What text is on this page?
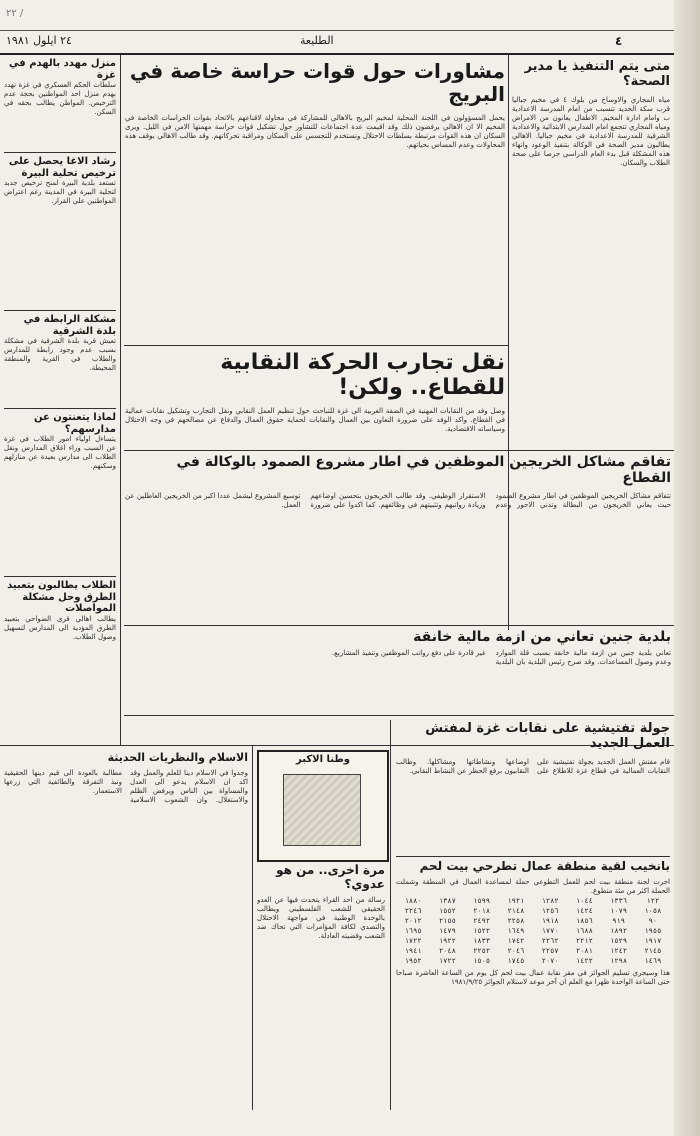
٤
الطليعة
٢٤ ايلول ١٩٨١
٢٢ /
متى يتم التنفيذ يا مدير الصحة؟
مياه المجاري والاوساخ من بلوك ٤ في مخيم جباليا قرب سكة الحديد تتسبب من امام المدرسة الاعدادية ب وامام ادارة المخيم. الاطفال يعانون من الامراض ومياه المجاري تتجمع امام المدارس الابتدائية والاعدادية الشرقية للمدرسة الاعدادية في مخيم جباليا. الاهالي يطالبون مدير الصحة في الوكالة بتنفيذ الوعود وانهاء هذه المشكلة قبل بدء العام الدراسي حرصا على صحة الطلاب والسكان.
مشاورات حول قوات حراسة خاصة في البريج
يحمل المسؤولون في اللجنة المحلية لمخيم البريج بالاهالي للمشاركة في محاولة لاقناعهم بالاتحاد بقوات الحراسات الخاصة في المخيم الا ان الاهالي يرفضون ذلك وقد اقيمت عدة اجتماعات للتشاور حول تشكيل قوات حراسة مهمتها الامن في الليل. ويرى السكان ان هذه القوات مرتبطة بسلطات الاحتلال وتستخدم للتجسس على السكان ومراقبة تحركاتهم. وقد طالب الاهالي بوقف هذه المحاولات وعدم المساس بحياتهم.
منزل مهدد بالهدم في غزة
سلطات الحكم العسكري في غزة تهدد بهدم منزل احد المواطنين بحجة عدم الترخيص. المواطن يطالب بحقه في السكن.
رشاد الاغا يحصل على ترخيص تحلية البيرة
تستعد بلدية البيرة لمنح ترخيص جديد لتحلية البيرة في المدينة رغم اعتراض المواطنين على القرار.
مشكلة الرابطة في بلدة الشرقية
تعيش قرية بلدة الشرقية في مشكلة بسبب عدم وجود رابطة للمدارس والطلاب في القرية والمنطقة المحيطة.
لماذا يتعنتون عن مدارسهم؟
يتساءل اولياء امور الطلاب في غزة عن السبب وراء اغلاق المدارس ونقل الطلاب الى مدارس بعيدة عن منازلهم وسكنهم.
الطلاب يطالبون بتعبيد الطرق وحل مشكلة المواصلات
يطالب اهالي قرى الضواحي بتعبيد الطرق المؤدية الى المدارس لتسهيل وصول الطلاب.
نقل تجارب الحركة النقابية للقطاع.. ولكن!
وصل وفد من النقابات المهنية في الضفة الغربية الى غزة للتباحث حول تنظيم العمل النقابي ونقل التجارب وتشكيل نقابات عمالية في القطاع. واكد الوفد على ضرورة التعاون بين العمال والنقابات لحماية حقوق العمال والدفاع عن مصالحهم في وجه الاحتلال وسياساته الاقتصادية.
تفاقم مشاكل الخريجين الموظفين في اطار مشروع الصمود بالوكالة في القطاع
تتفاقم مشاكل الخريجين الموظفين في اطار مشروع الصمود حيث يعاني الخريجون من البطالة وتدني الاجور وعدم الاستقرار الوظيفي. وقد طالب الخريجون بتحسين اوضاعهم وزيادة رواتبهم وتثبيتهم في وظائفهم. كما اكدوا على ضرورة توسيع المشروع ليشمل عددا اكبر من الخريجين العاطلين عن العمل.
بلدية جنين تعاني من ازمة مالية خانقة
تعاني بلدية جنين من ازمة مالية خانقة بسبب قلة الموارد وعدم وصول المساعدات. وقد صرح رئيس البلدية بان البلدية غير قادرة على دفع رواتب الموظفين وتنفيذ المشاريع.
جولة تفتيشية على نقابات غزة لمفتش العمل الجديد
قام مفتش العمل الجديد بجولة تفتيشية على النقابات العمالية في قطاع غزة للاطلاع على اوضاعها ونشاطاتها ومشاكلها. وطالب النقابيون برفع الحظر عن النشاط النقابي.
وطنا الاكبر
مرة أخرى.. من هو عدوي؟
رسالة من احد القراء يتحدث فيها عن العدو الحقيقي للشعب الفلسطيني ويطالب بالوحدة الوطنية في مواجهة الاحتلال والتصدي لكافة المؤامرات التي تحاك ضد الشعب وقضيته العادلة.
الاسلام والنظريات الحديثة
وجدوا في الاسلام دينا للعلم والعمل وقد اكد ان الاسلام يدعو الى العدل والمساواة بين الناس ويرفض الظلم والاستغلال. وان الشعوب الاسلامية مطالبة بالعودة الى قيم دينها الحقيقية ونبذ التفرقة والطائفية التي زرعها الاستعمار.
بانخيب لقية منطقة عمال تطرحي بيت لحم
اجرت لجنة منطقة بيت لحم للعمل التطوعي حملة لمساعدة العمال في المنطقة وشملت الحملة اكثر من مئة متطوع.
١٢٢	١٣٣٦	١٠٤٤	١٢٨٢	١٩٢١	١٥٩٩	١٣٨٧	١٨٨٠
١٠٥٨	١٠٧٩	١٤٢٤	١٢٥٦	٢١٤٨	٢٠١٨	١٥٥٢	٢٢٤٦
٩٠	٩١٩	١٨٥٦	١٩١٨	٢٢٥٨	٢٤٩٢	٢١٥٥	٢٠١٢
١٩٥٥	١٨٩٢	١٦٨٨	١٧٧٠	١٦٤٩	١٥٢٢	١٤٧٩	١٦٩٥
١٩١٧	١٥٢٩	٢٢١٢	٢٢٦٢	١٧٤٢	١٨٣٣	١٩٢٢	١٧٢٢
٢١٤٥	١٢٤٢	٢٠٨١	٢٢٥٧	٢٠٤٦	٢٢٥٢	٢٠٤٨	١٩٤١
١٤٦٩	١٢٩٨	١٤٢٢	٢٠٧٠	١٧٤٥	١٥٠٥	١٧٢٢	١٩٥٢
هذا وسيجري تسليم الجوائز في مقر نقابة عمال بيت لحم كل يوم من الساعة العاشرة صباحا حتى الساعة الواحدة ظهرا مع العلم ان آخر موعد لاستلام الجوائز ١٩٨١/٩/٢٥
